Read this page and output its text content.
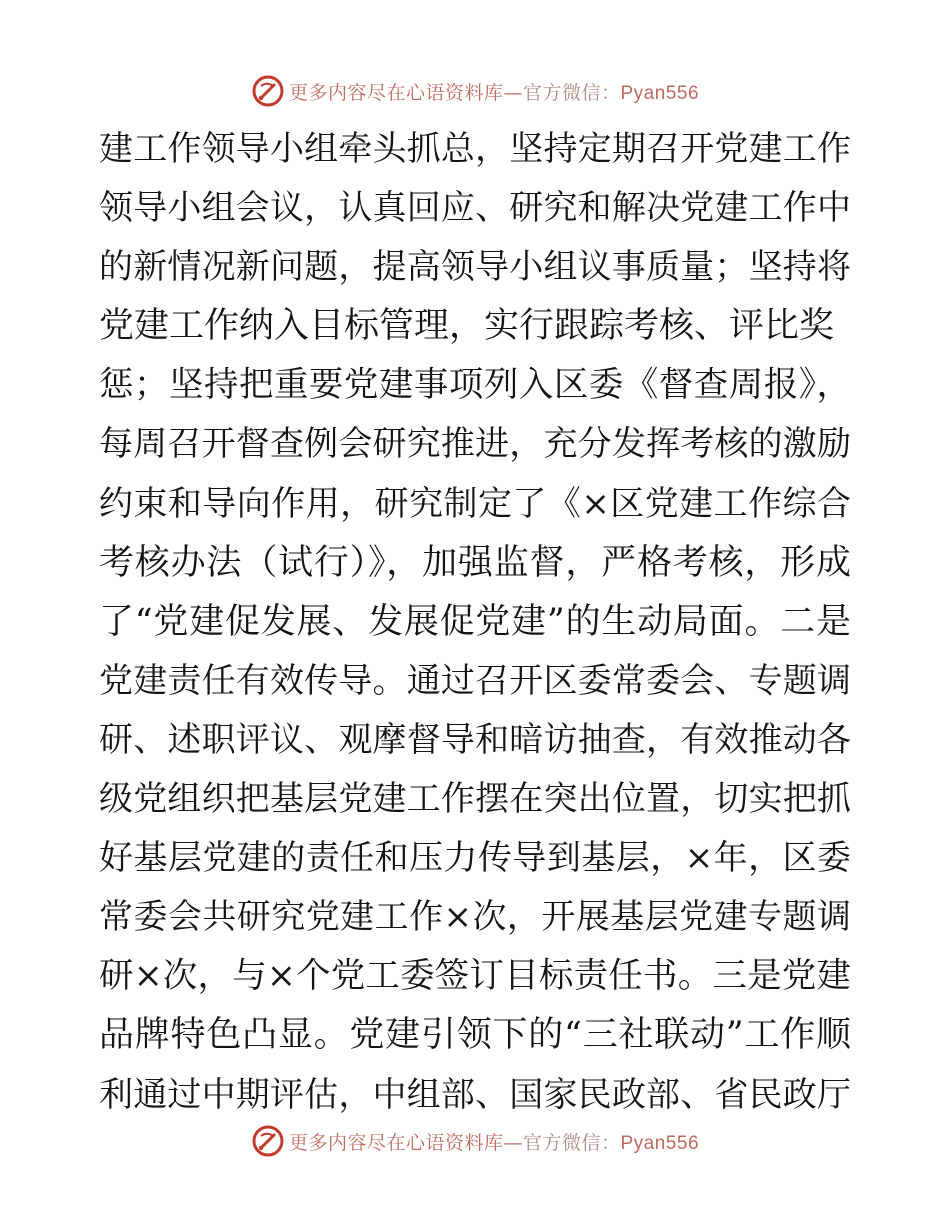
更多内容尽在心语资料库—官方微信：Pyan556
建工作领导小组牵头抓总，坚持定期召开党建工作
领导小组会议，认真回应、研究和解决党建工作中
的新情况新问题，提高领导小组议事质量；坚持将
党建工作纳入目标管理，实行跟踪考核、评比奖
惩；坚持把重要党建事项列入区委《督查周报》，
每周召开督查例会研究推进，充分发挥考核的激励
约束和导向作用，研究制定了《×区党建工作综合
考核办法（试行）》，加强监督，严格考核，形成
了“党建促发展、发展促党建”的生动局面。二是
党建责任有效传导。通过召开区委常委会、专题调
研、述职评议、观摩督导和暗访抽查，有效推动各
级党组织把基层党建工作摆在突出位置，切实把抓
好基层党建的责任和压力传导到基层，×年，区委
常委会共研究党建工作×次，开展基层党建专题调
研×次，与×个党工委签订目标责任书。三是党建
品牌特色凸显。党建引领下的“三社联动”工作顺
利通过中期评估，中组部、国家民政部、省民政厅
更多内容尽在心语资料库—官方微信：Pyan556
